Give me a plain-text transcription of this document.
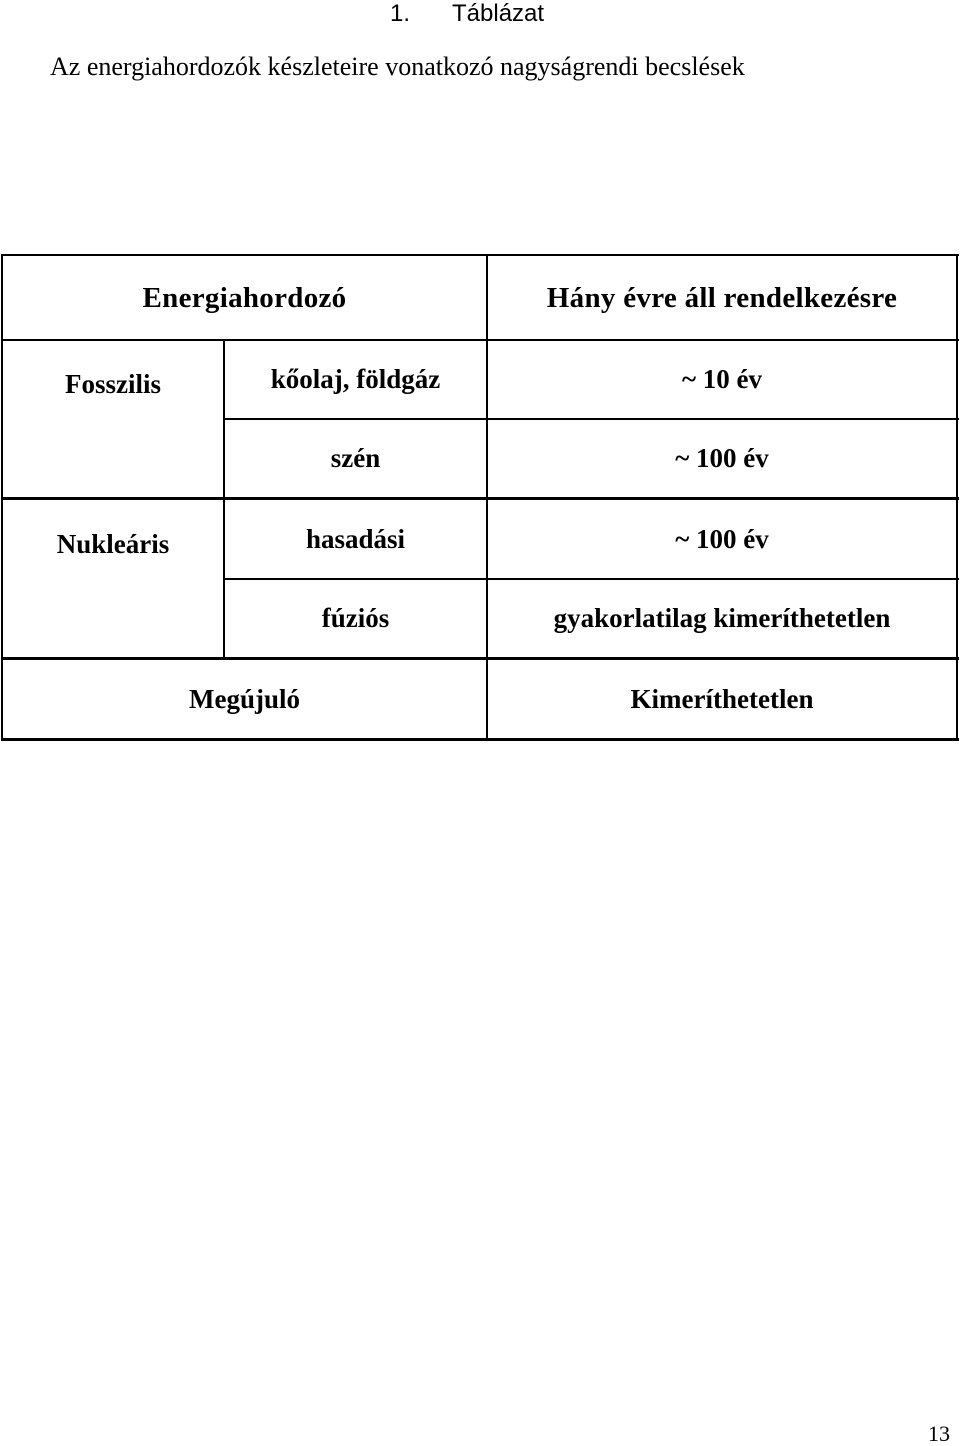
1. Táblázat
Az energiahordozók készleteire vonatkozó nagyságrendi becslések
Energiahordozó	Hány évre áll rendelkezésre
Fosszilis	kőolaj, földgáz	~ 10 év
szén	~ 100 év
Nukleáris	hasadási	~ 100 év
fúziós	gyakorlatilag kimeríthetetlen
Megújuló	Kimeríthetetlen
13
